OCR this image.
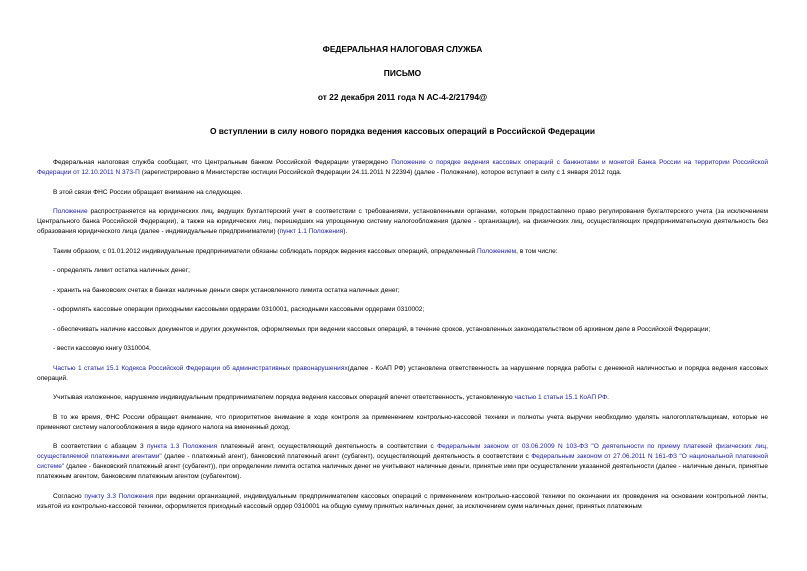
ФЕДЕРАЛЬНАЯ НАЛОГОВАЯ СЛУЖБА
ПИСЬМО
от 22 декабря 2011 года N АС-4-2/21794@
О вступлении в силу нового порядка ведения кассовых операций в Российской Федерации

Федеральная налоговая служба сообщает, что Центральным банком Российской Федерации утверждено Положение о порядке ведения кассовых операций с банкнотами и монетой Банка России на территории Российской Федерации от 12.10.2011 N 373-П (зарегистрировано в Министерстве юстиции Российской Федерации 24.11.2011 N 22394) (далее - Положение), которое вступает в силу с 1 января 2012 года.

В этой связи ФНС России обращает внимание на следующее.

Положение распространяется на юридических лиц, ведущих бухгалтерский учет в соответствии с требованиями, установленными органами, которым предоставлено право регулирования бухгалтерского учета (за исключением Центрального банка Российской Федерации), а также на юридических лиц, перешедших на упрощенную систему налогообложения (далее - организации), на физических лиц, осуществляющих предпринимательскую деятельность без образования юридического лица (далее - индивидуальные предприниматели) (пункт 1.1 Положения).

Таким образом, с 01.01.2012 индивидуальные предприниматели обязаны соблюдать порядок ведения кассовых операций, определенный Положением, в том числе:

- определять лимит остатка наличных денег;

- хранить на банковских счетах в банках наличные деньги сверх установленного лимита остатка наличных денег;

- оформлять кассовые операции приходными кассовыми ордерами 0310001, расходными кассовыми ордерами 0310002;

- обеспечивать наличие кассовых документов и других документов, оформляемых при ведении кассовых операций, в течение сроков, установленных законодательством об архивном деле в Российской Федерации;

- вести кассовую книгу 0310004.

Частью 1 статьи 15.1 Кодекса Российской Федерации об административных правонарушениях(далее - КоАП РФ) установлена ответственность за нарушение порядка работы с денежной наличностью и порядка ведения кассовых операций.

Учитывая изложенное, нарушение индивидуальным предпринимателем порядка ведения кассовых операций влечет ответственность, установленную частью 1 статьи 15.1 КоАП РФ.

В то же время, ФНС России обращает внимание, что приоритетное внимание в ходе контроля за применением контрольно-кассовой техники и полноты учета выручки необходимо уделять налогоплательщикам, которые не применяют систему налогообложения в виде единого налога на вмененный доход.

В соответствии с абзацем 3 пункта 1.3 Положения платежный агент, осуществляющий деятельность в соответствии с Федеральным законом от 03.06.2009 N 103-ФЗ "О деятельности по приему платежей физических лиц, осуществляемой платежными агентами" (далее - платежный агент), банковский платежный агент (субагент), осуществляющий деятельность в соответствии с Федеральным законом от 27.06.2011 N 161-ФЗ "О национальной платежной системе" (далее - банковский платежный агент (субагент)), при определении лимита остатка наличных денег не учитывают наличные деньги, принятые ими при осуществлении указанной деятельности (далее - наличные деньги, принятые платежным агентом, банковским платежным агентом (субагентом).

Согласно пункту 3.3 Положения при ведении организацией, индивидуальным предпринимателем кассовых операций с применением контрольно-кассовой техники по окончании их проведения на основании контрольной ленты, изъятой из контрольно-кассовой техники, оформляется приходный кассовый ордер 0310001 на общую сумму принятых наличных денег, за исключением сумм наличных денег, принятых платежным
